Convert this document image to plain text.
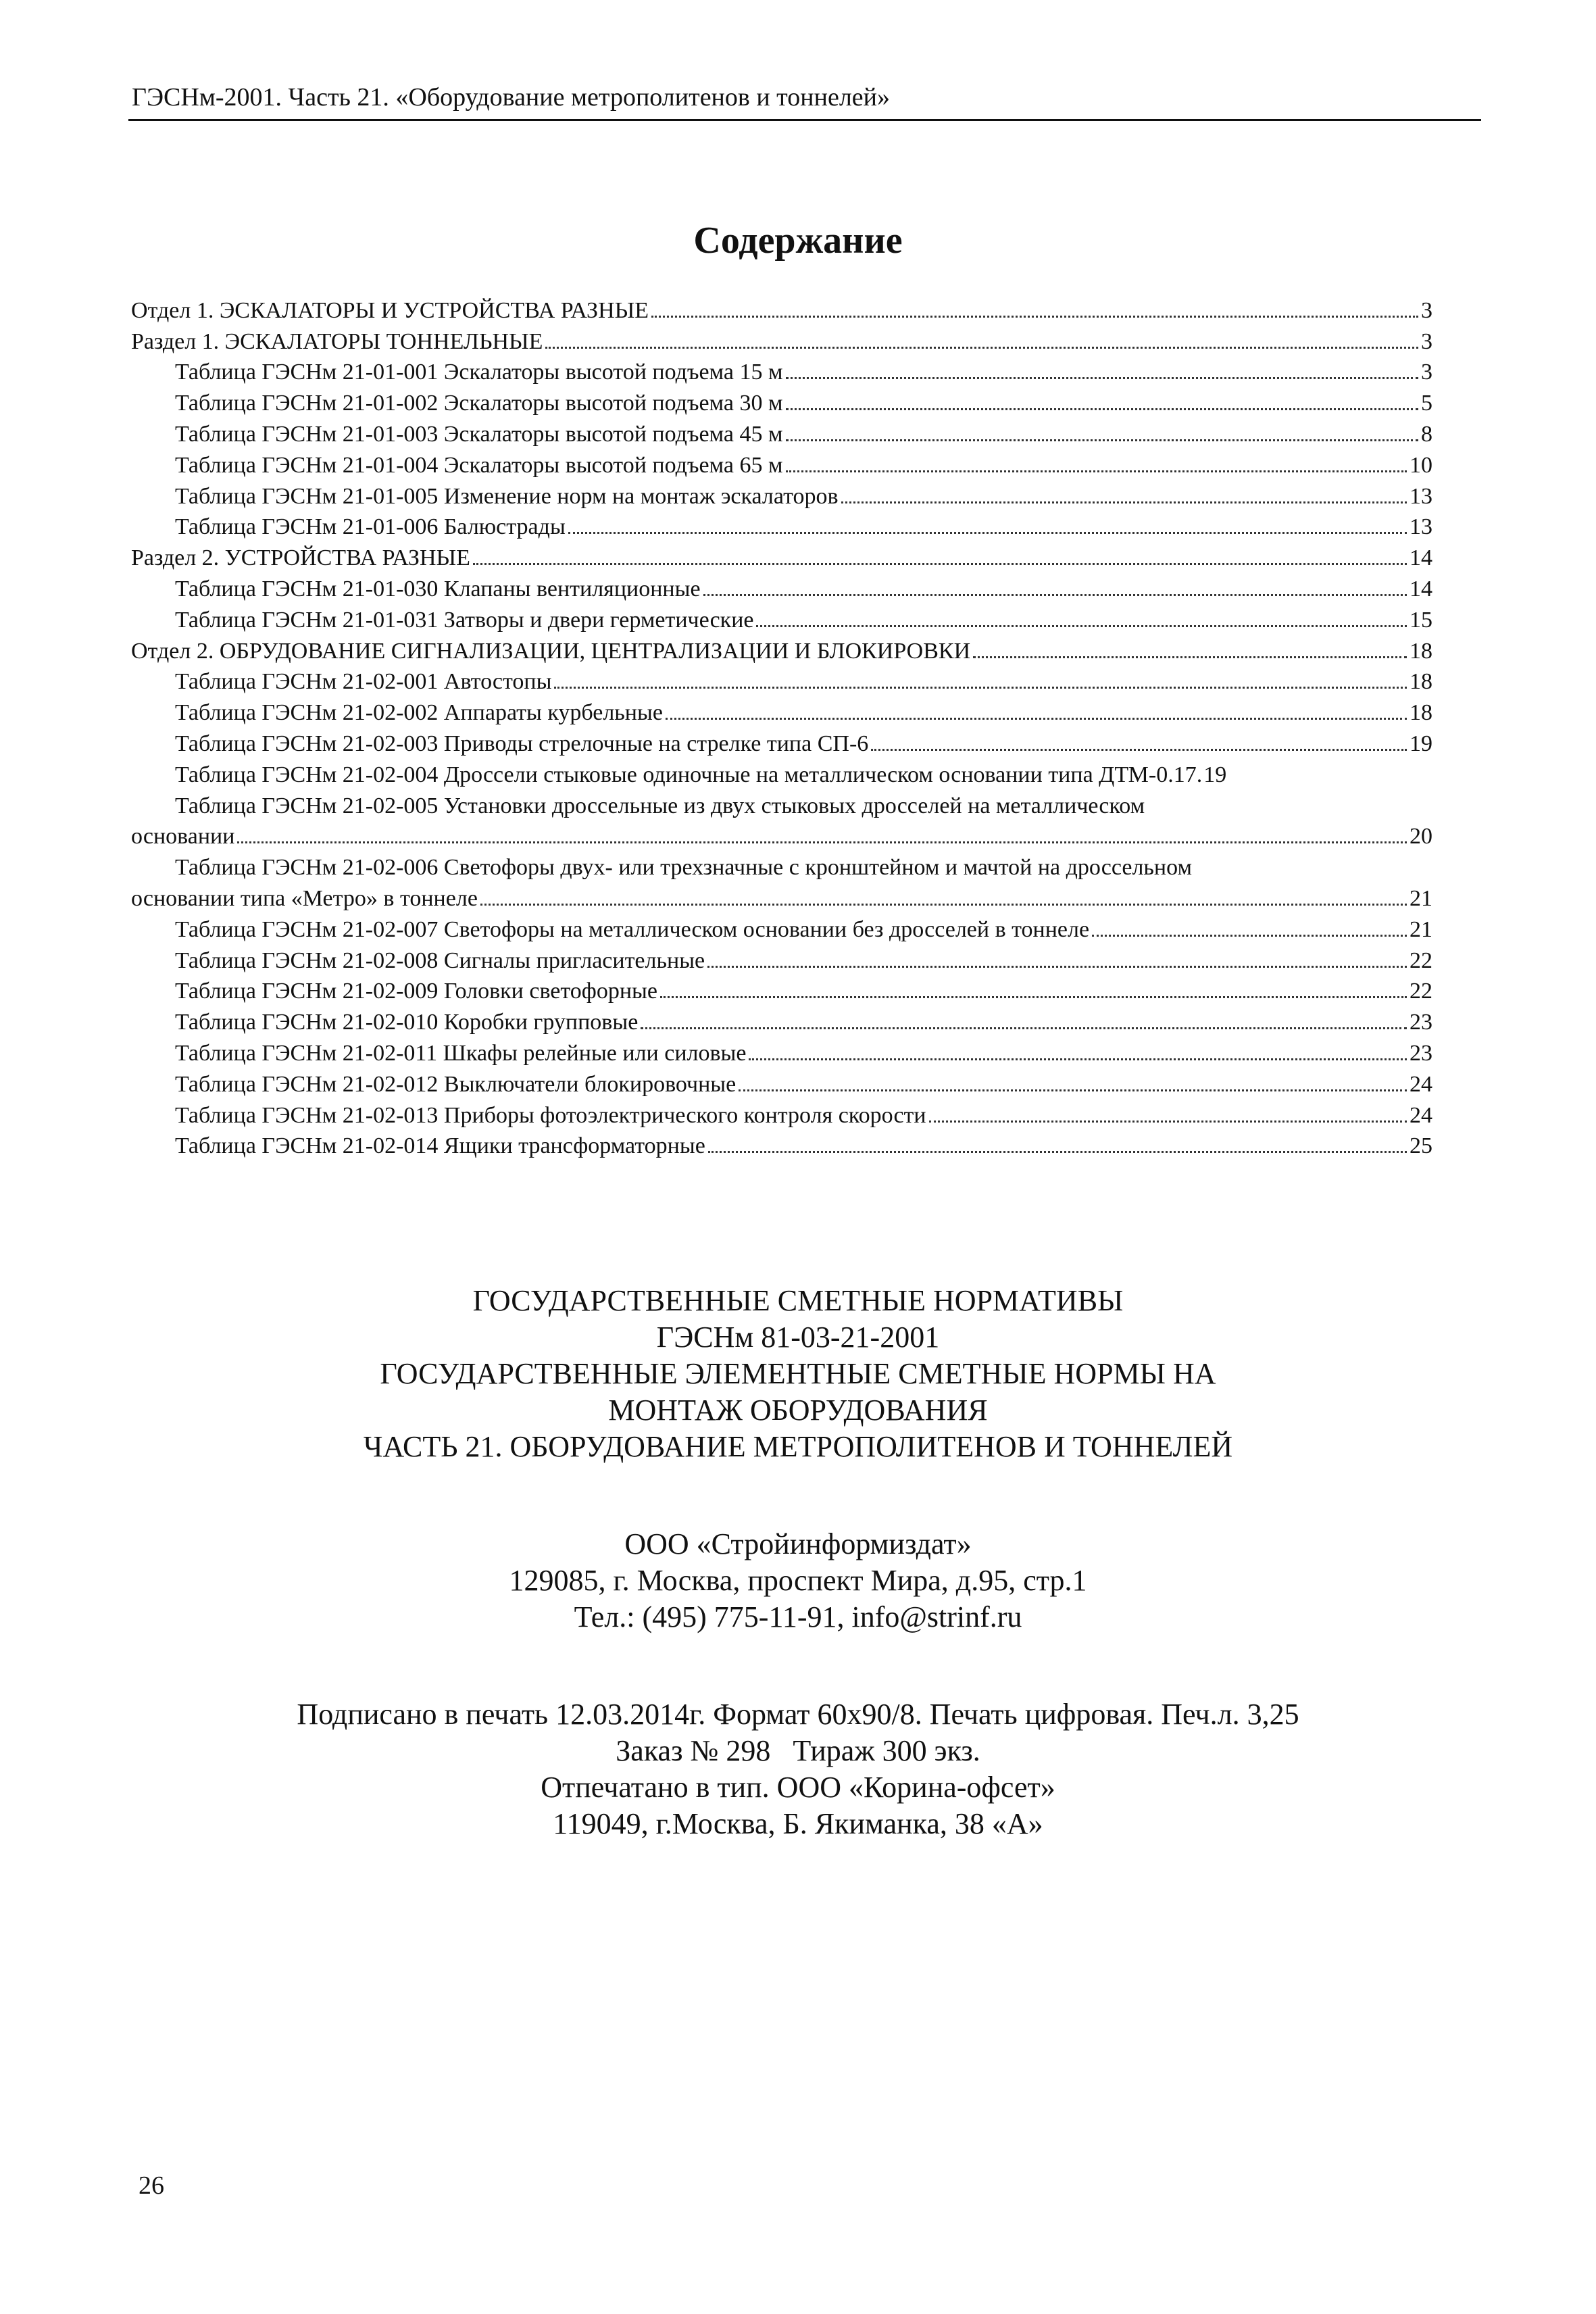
ГЭСНм-2001. Часть 21. «Оборудование метрополитенов и тоннелей»
Содержание
Отдел 1. ЭСКАЛАТОРЫ И УСТРОЙСТВА РАЗНЫЕ	3
Раздел 1. ЭСКАЛАТОРЫ ТОННЕЛЬНЫЕ	3
Таблица ГЭСНм 21-01-001 Эскалаторы высотой подъема 15 м	3
Таблица ГЭСНм 21-01-002 Эскалаторы высотой подъема 30 м	5
Таблица ГЭСНм 21-01-003 Эскалаторы высотой подъема 45 м	8
Таблица ГЭСНм 21-01-004 Эскалаторы высотой подъема 65 м	10
Таблица ГЭСНм 21-01-005 Изменение норм на монтаж эскалаторов	13
Таблица ГЭСНм 21-01-006 Балюстрады	13
Раздел 2. УСТРОЙСТВА РАЗНЫЕ	14
Таблица ГЭСНм 21-01-030 Клапаны вентиляционные	14
Таблица ГЭСНм 21-01-031 Затворы и двери герметические	15
Отдел 2. ОБРУДОВАНИЕ СИГНАЛИЗАЦИИ, ЦЕНТРАЛИЗАЦИИ И БЛОКИРОВКИ	18
Таблица ГЭСНм 21-02-001 Автостопы	18
Таблица ГЭСНм 21-02-002 Аппараты курбельные	18
Таблица ГЭСНм 21-02-003 Приводы стрелочные на стрелке типа СП-6	19
Таблица ГЭСНм 21-02-004 Дроссели стыковые одиночные на металлическом основании типа ДТМ-0.17. 19
Таблица ГЭСНм 21-02-005 Установки дроссельные из двух стыковых дросселей на металлическом
основании	20
Таблица ГЭСНм 21-02-006 Светофоры двух- или трехзначные с кронштейном и мачтой на дроссельном
основании типа «Метро» в тоннеле	21
Таблица ГЭСНм 21-02-007 Светофоры на металлическом основании без дросселей в тоннеле	21
Таблица ГЭСНм 21-02-008 Сигналы пригласительные	22
Таблица ГЭСНм 21-02-009 Головки светофорные	22
Таблица ГЭСНм 21-02-010 Коробки групповые	23
Таблица ГЭСНм 21-02-011 Шкафы релейные или силовые	23
Таблица ГЭСНм 21-02-012 Выключатели блокировочные	24
Таблица ГЭСНм 21-02-013 Приборы фотоэлектрического контроля скорости	24
Таблица ГЭСНм 21-02-014 Ящики трансформаторные	25
ГОСУДАРСТВЕННЫЕ СМЕТНЫЕ НОРМАТИВЫ
ГЭСНм 81-03-21-2001
ГОСУДАРСТВЕННЫЕ ЭЛЕМЕНТНЫЕ СМЕТНЫЕ НОРМЫ НА
МОНТАЖ ОБОРУДОВАНИЯ
ЧАСТЬ 21. ОБОРУДОВАНИЕ МЕТРОПОЛИТЕНОВ И ТОННЕЛЕЙ
ООО «Стройинформиздат»
129085, г. Москва, проспект Мира, д.95, стр.1
Тел.: (495) 775-11-91, info@strinf.ru
Подписано в печать 12.03.2014г. Формат 60х90/8. Печать цифровая. Печ.л. 3,25
Заказ № 298   Тираж 300 экз.
Отпечатано в тип. ООО «Корина-офсет»
119049, г.Москва, Б. Якиманка, 38 «А»
26
